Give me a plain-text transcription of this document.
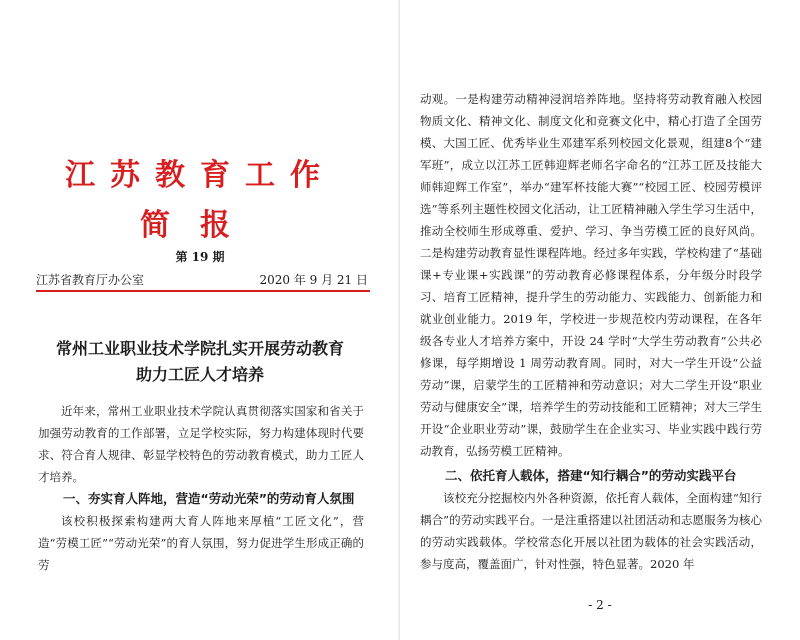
江苏教育工作
简报
第 19 期
江苏省教育厅办公室	2020 年 9 月 21 日
常州工业职业技术学院扎实开展劳动教育
助力工匠人才培养

近年来，常州工业职业技术学院认真贯彻落实国家和省关于加强劳动教育的工作部署，立足学校实际，努力构建体现时代要求、符合育人规律、彰显学校特色的劳动教育模式，助力工匠人才培养。

一、夯实育人阵地，营造“劳动光荣”的劳动育人氛围

该校积极探索构建两大育人阵地来厚植“工匠文化”，营造“劳模工匠”“劳动光荣”的育人氛围，努力促进学生形成正确的劳

动观。一是构建劳动精神浸润培养阵地。坚持将劳动教育融入校园物质文化、精神文化、制度文化和竞赛文化中，精心打造了全国劳模、大国工匠、优秀毕业生邓建军系列校园文化景观，组建8个“建军班”，成立以江苏工匠韩迎辉老师名字命名的“江苏工匠及技能大师韩迎辉工作室”，举办“建军杯技能大赛”“校园工匠、校园劳模评选”等系列主题性校园文化活动，让工匠精神融入学生学习生活中，推动全校师生形成尊重、爱护、学习、争当劳模工匠的良好风尚。二是构建劳动教育显性课程阵地。经过多年实践，学校构建了“基础课+专业课+实践课”的劳动教育必修课程体系，分年级分时段学习、培育工匠精神，提升学生的劳动能力、实践能力、创新能力和就业创业能力。2019 年，学校进一步规范校内劳动课程，在各年级各专业人才培养方案中，开设 24 学时“大学生劳动教育”公共必修课，每学期增设 1 周劳动教育周。同时，对大一学生开设“公益劳动”课，启蒙学生的工匠精神和劳动意识；对大二学生开设“职业劳动与健康安全”课，培养学生的劳动技能和工匠精神；对大三学生开设“企业职业劳动”课，鼓励学生在企业实习、毕业实践中践行劳动教育，弘扬劳模工匠精神。

二、依托育人载体，搭建“知行耦合”的劳动实践平台

该校充分挖掘校内外各种资源，依托育人载体，全面构建“知行耦合”的劳动实践平台。一是注重搭建以社团活动和志愿服务为核心的劳动实践载体。学校常态化开展以社团为载体的社会实践活动，参与度高，覆盖面广，针对性强，特色显著。2020 年

- 2 -
